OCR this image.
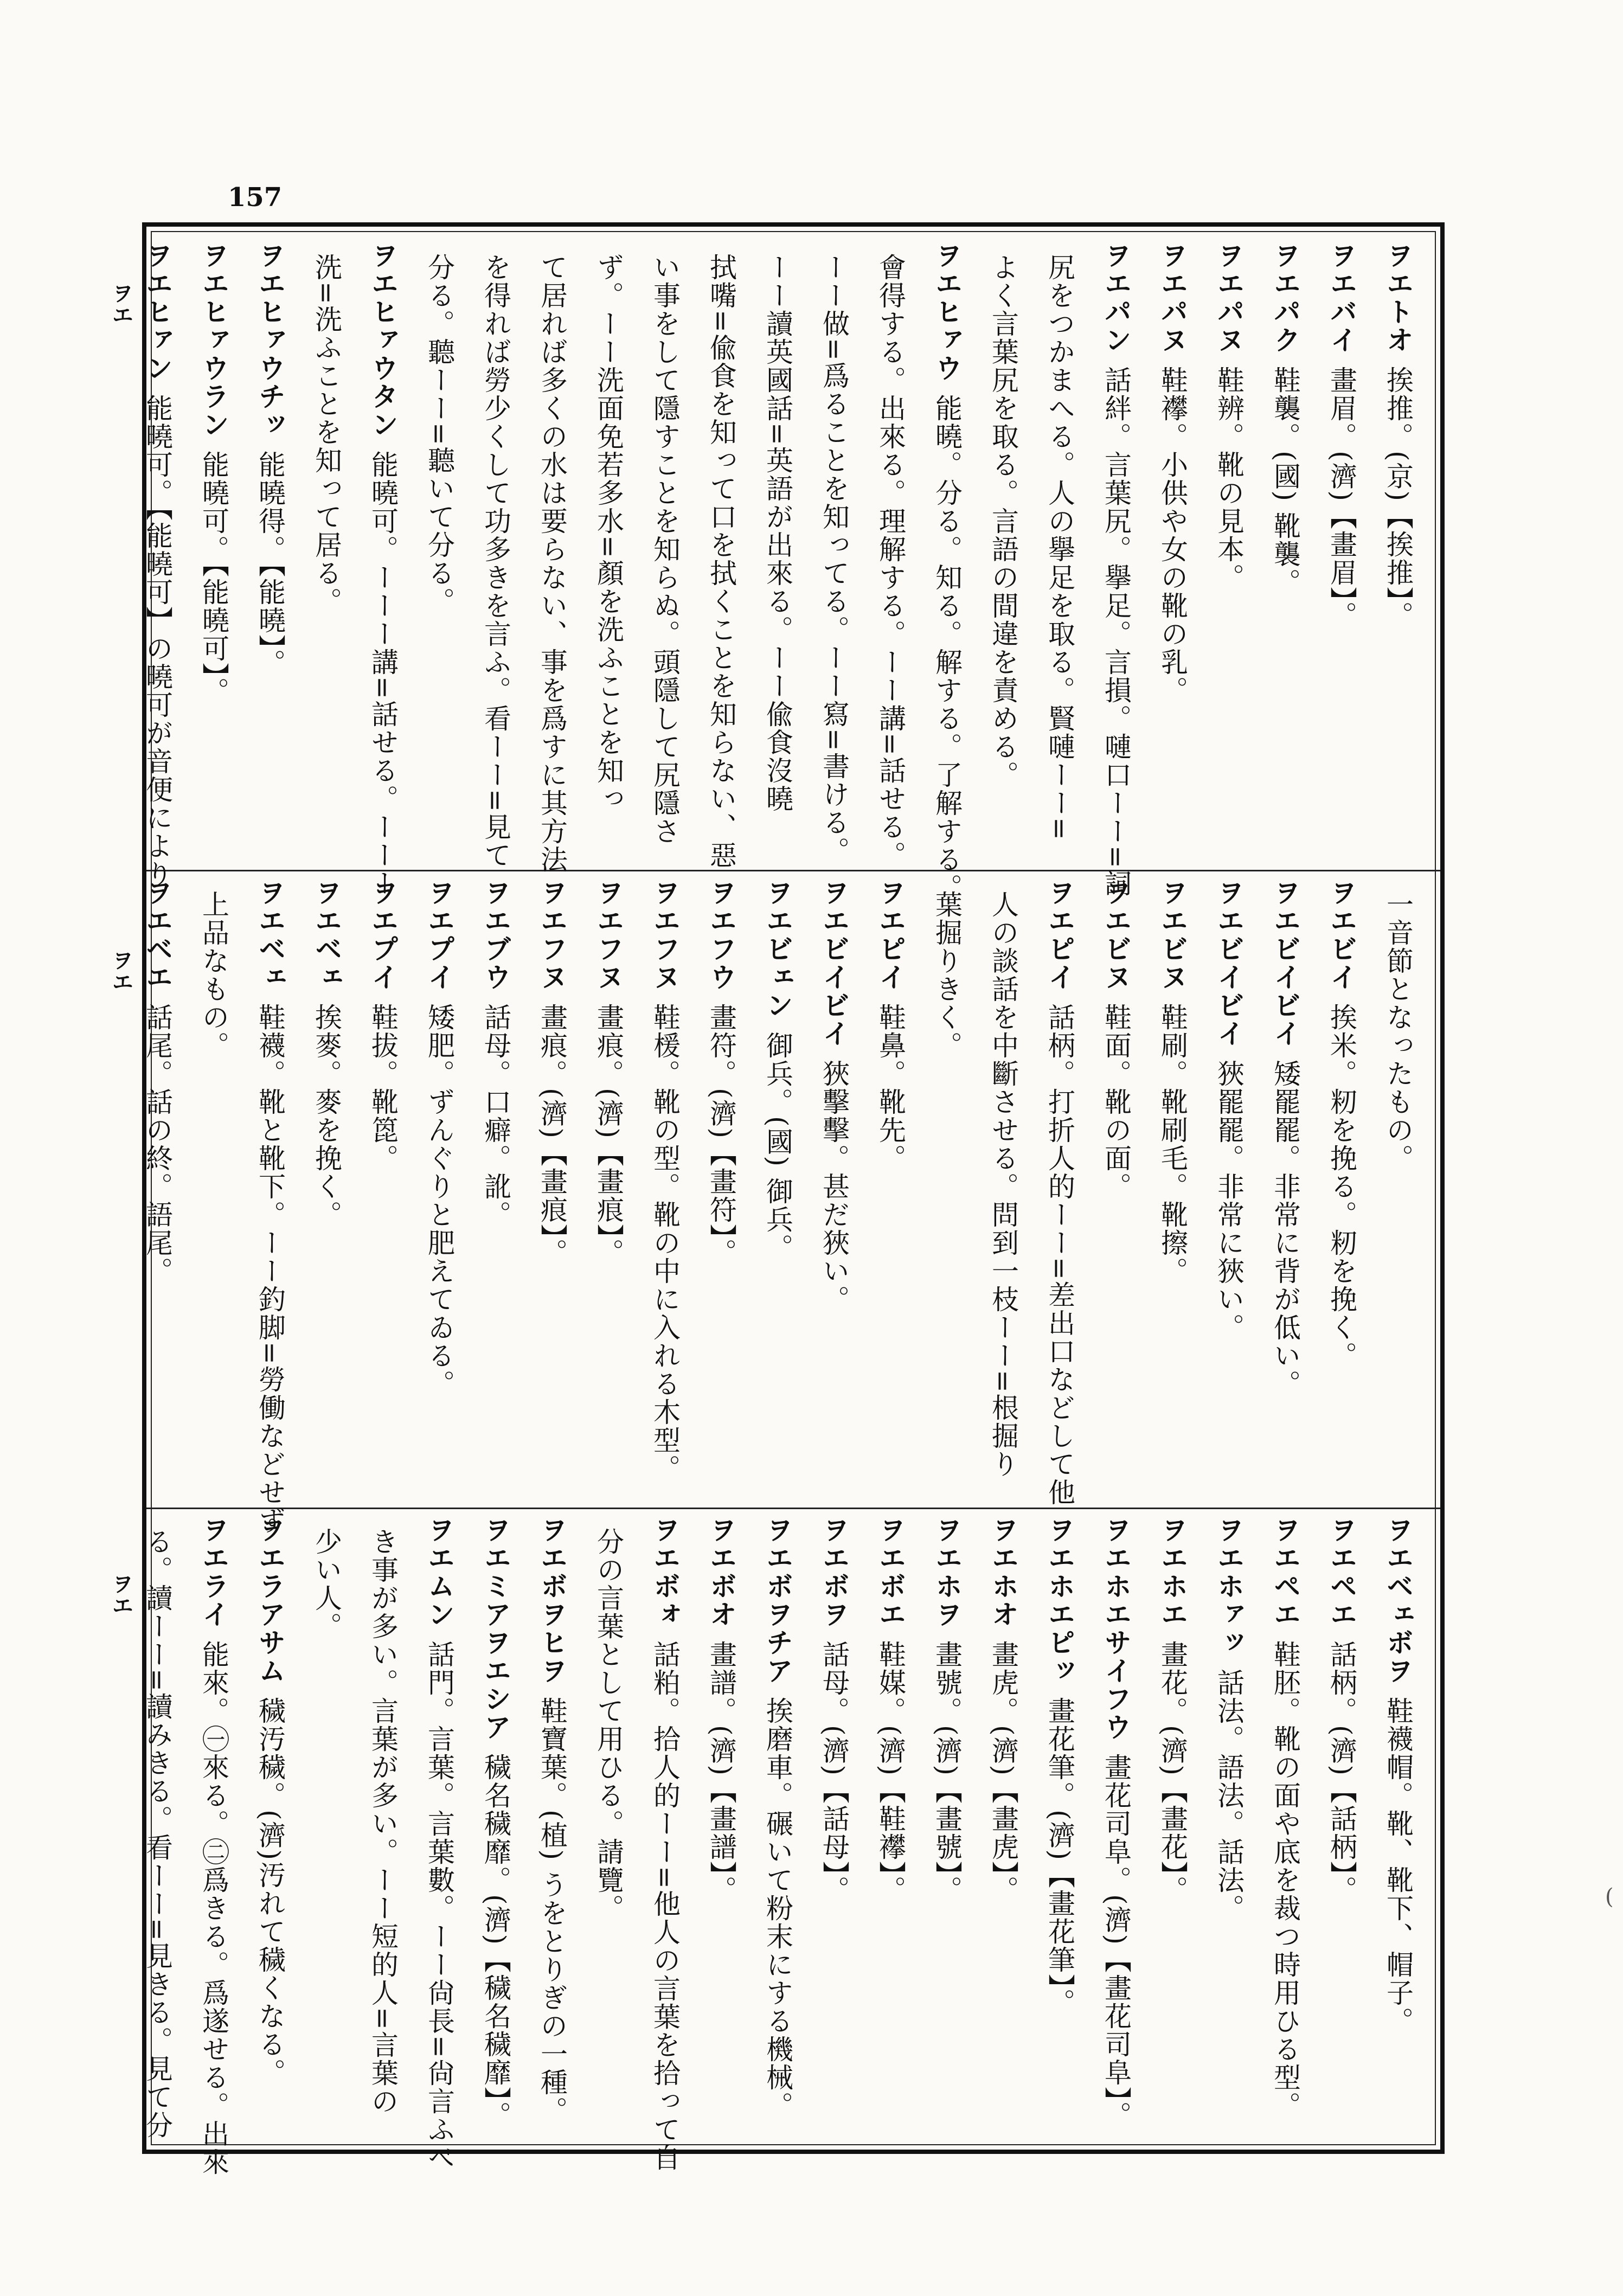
157
ヲエ
ヲエ
ヲエ
ヲエトオ挨推。(京)【挨推】。
ヲエバイ畫眉。(濟)【畫眉】。
ヲエパク鞋襲。(國) 靴襲。
ヲエパヌ鞋辨。靴の見本。
ヲエパヌ鞋襻。小供や女の靴の乳。
ヲエパン話絆。言葉尻。擧足。言損。嗹口ーー=詞
尻をつかまへる。人の擧足を取る。賢嗹ーー=
よく言葉尻を取る。言語の間違を責める。
ヲエヒァウ能曉。分る。知る。解する。了解する。
會得する。出來る。理解する。ーー講=話せる。
ーー做=爲ることを知ってる。ーー寫=書ける。
ーー讀英國話=英語が出來る。ーー偸食沒曉
拭嘴=偸食を知って口を拭くことを知らない、惡
い事をして隱すことを知らぬ。頭隱して尻隱さ
ず。ーー洗面免若多水=顏を洗ふことを知っ
て居れば多くの水は要らない、事を爲すに其方法
を得れば勞少くして功多きを言ふ。看ーー=見て
分る。聽ーー=聽いて分る。
ヲエヒァウタン能曉可。ーーー講=話せる。ーーー
洗=洗ふことを知って居る。
ヲエヒァウチッ能曉得。【能曉】。
ヲエヒァウラン能曉可。【能曉可】。
ヲエヒァン能曉可。【能曉可】の曉可が音便により
一音節となったもの。
ヲエビイ挨米。籾を挽る。籾を挽く。
ヲエビイビイ矮罷罷。非常に背が低い。
ヲエビイビイ狹罷罷。非常に狹い。
ヲエビヌ鞋刷。靴刷毛。靴擦。
ヲエビヌ鞋面。靴の面。
ヲエピイ話柄。打折人的ーー=差出口などして他
人の談話を中斷させる。問到一枝ーー=根掘り
葉掘りきく。
ヲエピイ鞋鼻。靴先。
ヲエビイビイ狹擊擊。甚だ狹い。
ヲエビェン御兵。(國) 御兵。
ヲエフウ畫符。(濟)【畫符】。
ヲエフヌ鞋楥。靴の型。靴の中に入れる木型。
ヲエフヌ畫痕。(濟)【畫痕】。
ヲエフヌ畫痕。(濟)【畫痕】。
ヲエブウ話母。口癖。訛。
ヲエプイ矮肥。ずんぐりと肥えてゐる。
ヲエプイ鞋拔。靴箆。
ヲエベェ挨麥。麥を挽く。
ヲエベェ鞋襪。靴と靴下。ーー釣脚=勞働などせず
上品なもの。
ヲエベエ話尾。話の終。語尾。
ヲエベェボヲ鞋襪帽。靴、靴下、帽子。
ヲエペエ話柄。(濟)【話柄】。
ヲエペエ鞋胚。靴の面や底を裁つ時用ひる型。
ヲエホァッ話法。語法。話法。
ヲエホエ畫花。(濟)【畫花】。
ヲエホエサイフウ畫花司阜。(濟)【畫花司阜】。
ヲエホエピッ畫花筆。(濟)【畫花筆】。
ヲエホオ畫虎。(濟)【畫虎】。
ヲエホヲ畫號。(濟)【畫號】。
ヲエボエ鞋媒。(濟)【鞋襻】。
ヲエボヲ話母。(濟)【話母】。
ヲエボヲチア挨磨車。碾いて粉末にする機械。
ヲエボオ畫譜。(濟)【畫譜】。
ヲエボォ話粕。拾人的ーー=他人の言葉を拾って自
分の言葉として用ひる。請覽。
ヲエボヲヒヲ鞋寶葉。(植) うをとりぎの一種。
ヲエミアヲエシア穢名穢靡。(濟)【穢名穢靡】。
ヲエムン話門。言葉。言葉數。ーー尙長=尙言ふべ
き事が多い。言葉が多い。ーー短的人=言葉の
少い人。
ヲエラアサム穢汚穢。(濟)汚れて穢くなる。
ヲエライ能來。㊀來る。㊁爲きる。爲遂せる。出來
る。讀ーー=讀みきる。看ーー=見きる。見て分	(
